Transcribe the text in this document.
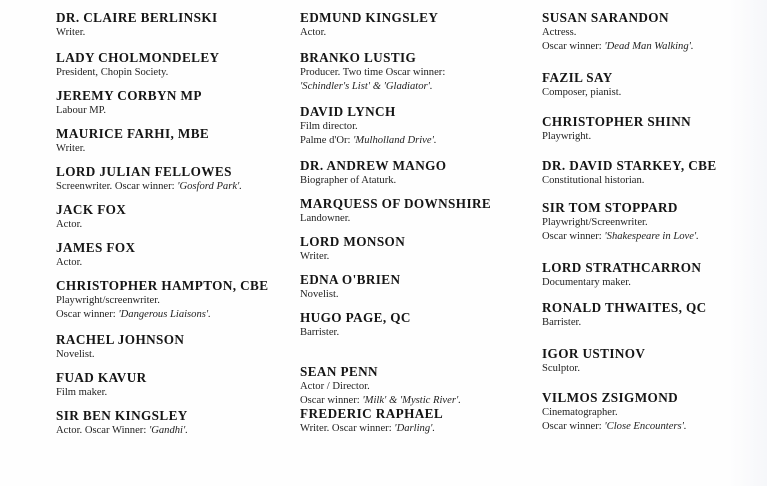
DR. CLAIRE BERLINSKI
Writer.
LADY CHOLMONDELEY
President, Chopin Society.
JEREMY CORBYN MP
Labour MP.
MAURICE FARHI, MBE
Writer.
LORD JULIAN FELLOWES
Screenwriter. Oscar winner: 'Gosford Park'.
JACK FOX
Actor.
JAMES FOX
Actor.
CHRISTOPHER HAMPTON, CBE
Playwright/screenwriter.
Oscar winner: 'Dangerous Liaisons'.
RACHEL JOHNSON
Novelist.
FUAD KAVUR
Film maker.
SIR BEN KINGSLEY
Actor. Oscar Winner: 'Gandhi'.
EDMUND KINGSLEY
Actor.
BRANKO LUSTIG
Producer. Two time Oscar winner:
'Schindler's List' & 'Gladiator'.
DAVID LYNCH
Film director.
Palme d'Or: 'Mulholland Drive'.
DR. ANDREW MANGO
Biographer of Ataturk.
MARQUESS OF DOWNSHIRE
Landowner.
LORD MONSON
Writer.
EDNA O'BRIEN
Novelist.
HUGO PAGE, QC
Barrister.
SEAN PENN
Actor / Director.
Oscar winner: 'Milk' & 'Mystic River'.
FREDERIC RAPHAEL
Writer. Oscar winner: 'Darling'.
SUSAN SARANDON
Actress.
Oscar winner: 'Dead Man Walking'.
FAZIL SAY
Composer, pianist.
CHRISTOPHER SHINN
Playwright.
DR. DAVID STARKEY, CBE
Constitutional historian.
SIR TOM STOPPARD
Playwright/Screenwriter.
Oscar winner: 'Shakespeare in Love'.
LORD STRATHCARRON
Documentary maker.
RONALD THWAITES, QC
Barrister.
IGOR USTINOV
Sculptor.
VILMOS ZSIGMOND
Cinematographer.
Oscar winner: 'Close Encounters'.
